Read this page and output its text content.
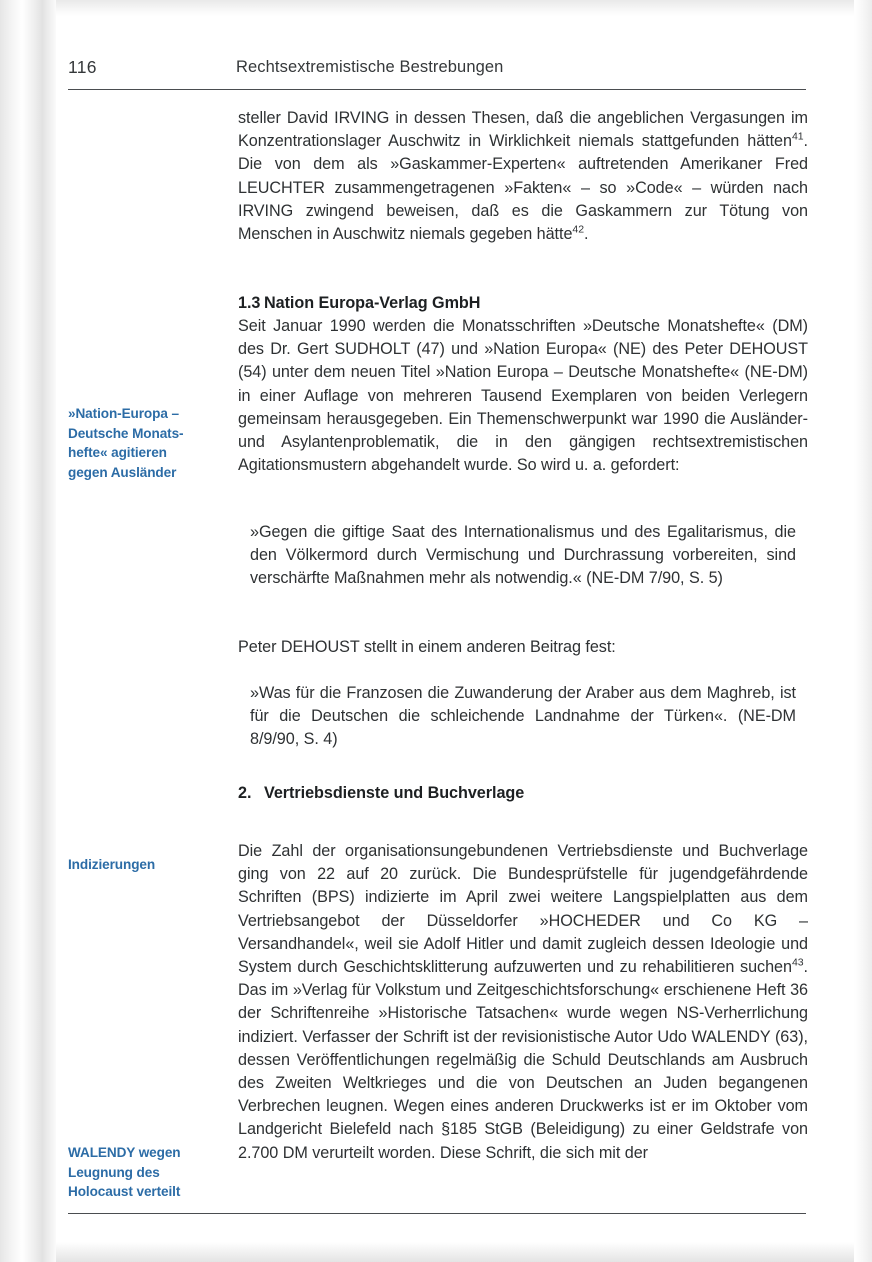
116	Rechtsextremistische Bestrebungen
»Nation-Europa –
Deutsche Monats-
hefte« agitieren
gegen Ausländer
Indizierungen
WALENDY wegen
Leugnung des
Holocaust verteilt

steller David IRVING in dessen Thesen, daß die angeblichen Vergasungen im Konzentrationslager Auschwitz in Wirklichkeit niemals stattgefunden hätten$^{41}$. Die von dem als »Gaskammer-Experten« auftretenden Amerikaner Fred LEUCHTER zusammengetragenen »Fakten« – so »Code« – würden nach IRVING zwingend beweisen, daß es die Gaskammern zur Tötung von Menschen in Auschwitz niemals gegeben hätte$^{42}$.

1.3 Nation Europa-Verlag GmbH

Seit Januar 1990 werden die Monatsschriften »Deutsche Monatshefte« (DM) des Dr. Gert SUDHOLT (47) und »Nation Europa« (NE) des Peter DEHOUST (54) unter dem neuen Titel »Nation Europa – Deutsche Monatshefte« (NE-DM) in einer Auflage von mehreren Tausend Exemplaren von beiden Verlegern gemeinsam herausgegeben. Ein Themenschwerpunkt war 1990 die Ausländer- und Asylantenproblematik, die in den gängigen rechtsextremistischen Agitationsmustern abgehandelt wurde. So wird u. a. gefordert:

»Gegen die giftige Saat des Internationalismus und des Egalitarismus, die den Völkermord durch Vermischung und Durchrassung vorbereiten, sind verschärfte Maßnahmen mehr als notwendig.« (NE-DM 7/90, S. 5)

Peter DEHOUST stellt in einem anderen Beitrag fest:

»Was für die Franzosen die Zuwanderung der Araber aus dem Maghreb, ist für die Deutschen die schleichende Landnahme der Türken«. (NE-DM 8/9/90, S. 4)

2. Vertriebsdienste und Buchverlage

Die Zahl der organisationsungebundenen Vertriebsdienste und Buchverlage ging von 22 auf 20 zurück. Die Bundesprüfstelle für jugendgefährdende Schriften (BPS) indizierte im April zwei weitere Langspielplatten aus dem Vertriebsangebot der Düsseldorfer »HOCHEDER und Co KG – Versandhandel«, weil sie Adolf Hitler und damit zugleich dessen Ideologie und System durch Geschichtsklitterung aufzuwerten und zu rehabilitieren suchen$^{43}$. Das im »Verlag für Volkstum und Zeitgeschichtsforschung« erschienene Heft 36 der Schriftenreihe »Historische Tatsachen« wurde wegen NS-Verherrlichung indiziert. Verfasser der Schrift ist der revisionistische Autor Udo WALENDY (63), dessen Veröffentlichungen regelmäßig die Schuld Deutschlands am Ausbruch des Zweiten Weltkrieges und die von Deutschen an Juden begangenen Verbrechen leugnen. Wegen eines anderen Druckwerks ist er im Oktober vom Landgericht Bielefeld nach §185 StGB (Beleidigung) zu einer Geldstrafe von 2.700 DM verurteilt worden. Diese Schrift, die sich mit der
